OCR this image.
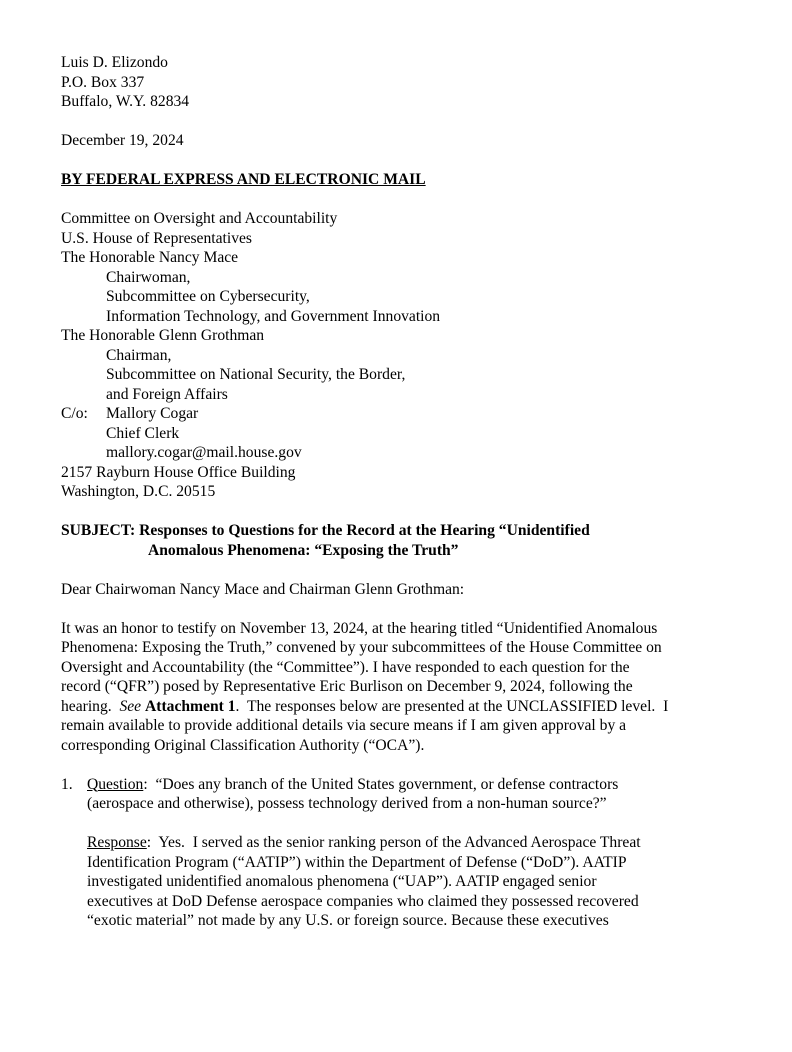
Luis D. Elizondo
P.O. Box 337
Buffalo, W.Y. 82834
December 19, 2024
BY FEDERAL EXPRESS AND ELECTRONIC MAIL
Committee on Oversight and Accountability
U.S. House of Representatives
The Honorable Nancy Mace
Chairwoman,
Subcommittee on Cybersecurity,
Information Technology, and Government Innovation
The Honorable Glenn Grothman
Chairman,
Subcommittee on National Security, the Border,
and Foreign Affairs
C/o: Mallory Cogar
Chief Clerk
mallory.cogar@mail.house.gov
2157 Rayburn House Office Building
Washington, D.C. 20515
SUBJECT: Responses to Questions for the Record at the Hearing “Unidentified
Anomalous Phenomena: “Exposing the Truth”
Dear Chairwoman Nancy Mace and Chairman Glenn Grothman:
It was an honor to testify on November 13, 2024, at the hearing titled “Unidentified Anomalous
Phenomena: Exposing the Truth,” convened by your subcommittees of the House Committee on
Oversight and Accountability (the “Committee”). I have responded to each question for the
record (“QFR”) posed by Representative Eric Burlison on December 9, 2024, following the
hearing.  See Attachment 1.  The responses below are presented at the UNCLASSIFIED level.  I
remain available to provide additional details via secure means if I am given approval by a
corresponding Original Classification Authority (“OCA”).
1. Question:  “Does any branch of the United States government, or defense contractors
(aerospace and otherwise), possess technology derived from a non-human source?”
Response:  Yes.  I served as the senior ranking person of the Advanced Aerospace Threat
Identification Program (“AATIP”) within the Department of Defense (“DoD”). AATIP
investigated unidentified anomalous phenomena (“UAP”). AATIP engaged senior
executives at DoD Defense aerospace companies who claimed they possessed recovered
“exotic material” not made by any U.S. or foreign source. Because these executives
